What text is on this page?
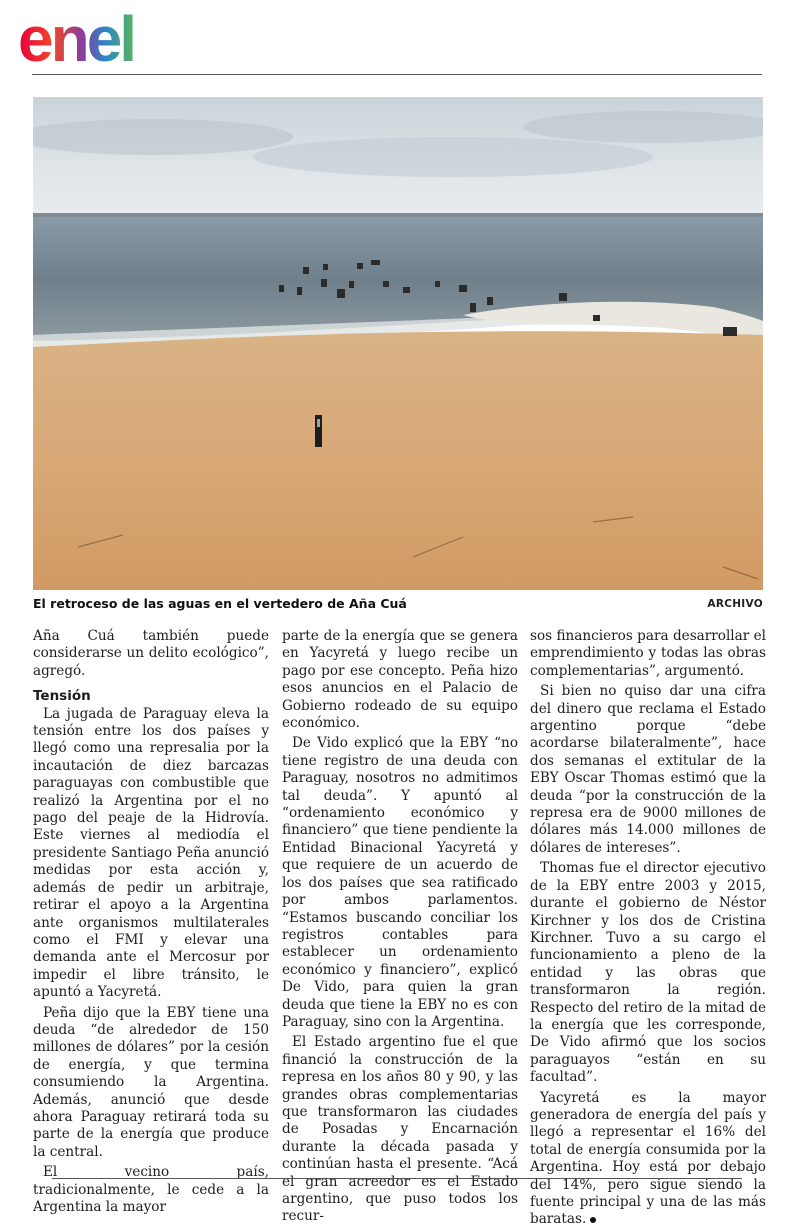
enel
El retroceso de las aguas en el vertedero de Aña Cuá	ARCHIVO

Aña Cuá también puede considerarse un delito ecológico”, agregó.

Tensión

La jugada de Paraguay eleva la tensión entre los dos países y llegó como una represalia por la incautación de diez barcazas paraguayas con combustible que realizó la Argentina por el no pago del peaje de la Hidrovía. Este viernes al mediodía el presidente Santiago Peña anunció medidas por esta acción y, además de pedir un arbitraje, retirar el apoyo a la Argentina ante organismos multilaterales como el FMI y elevar una demanda ante el Mercosur por impedir el libre tránsito, le apuntó a Yacyretá.

Peña dijo que la EBY tiene una deuda “de alrededor de 150 millones de dólares” por la cesión de energía, y que termina consumiendo la Argentina. Además, anunció que desde ahora Paraguay retirará toda su parte de la energía que produce la central.

El vecino país, tradicionalmente, le cede a la Argentina la mayor

parte de la energía que se genera en Yacyretá y luego recibe un pago por ese concepto. Peña hizo esos anuncios en el Palacio de Gobierno rodeado de su equipo económico.

De Vido explicó que la EBY “no tiene registro de una deuda con Paraguay, nosotros no admitimos tal deuda”. Y apuntó al “ordenamiento económico y financiero” que tiene pendiente la Entidad Binacional Yacyretá y que requiere de un acuerdo de los dos países que sea ratificado por ambos parlamentos. “Estamos buscando conciliar los registros contables para establecer un ordenamiento económico y financiero”, explicó De Vido, para quien la gran deuda que tiene la EBY no es con Paraguay, sino con la Argentina.

El Estado argentino fue el que financió la construcción de la represa en los años 80 y 90, y las grandes obras complementarias que transformaron las ciudades de Posadas y Encarnación durante la década pasada y continúan hasta el presente. “Acá el gran acreedor es el Estado argentino, que puso todos los recur-

sos financieros para desarrollar el emprendimiento y todas las obras complementarias”, argumentó.

Si bien no quiso dar una cifra del dinero que reclama el Estado argentino porque “debe acordarse bilateralmente”, hace dos semanas el extitular de la EBY Oscar Thomas estimó que la deuda “por la construcción de la represa era de 9000 millones de dólares más 14.000 millones de dólares de intereses”.

Thomas fue el director ejecutivo de la EBY entre 2003 y 2015, durante el gobierno de Néstor Kirchner y los dos de Cristina Kirchner. Tuvo a su cargo el funcionamiento a pleno de la entidad y las obras que transformaron la región. Respecto del retiro de la mitad de la energía que les corresponde, De Vido afirmó que los socios paraguayos “están en su facultad”.

Yacyretá es la mayor generadora de energía del país y llegó a representar el 16% del total de energía consumida por la Argentina. Hoy está por debajo del 14%, pero sigue siendo la fuente principal y una de las más baratas.
